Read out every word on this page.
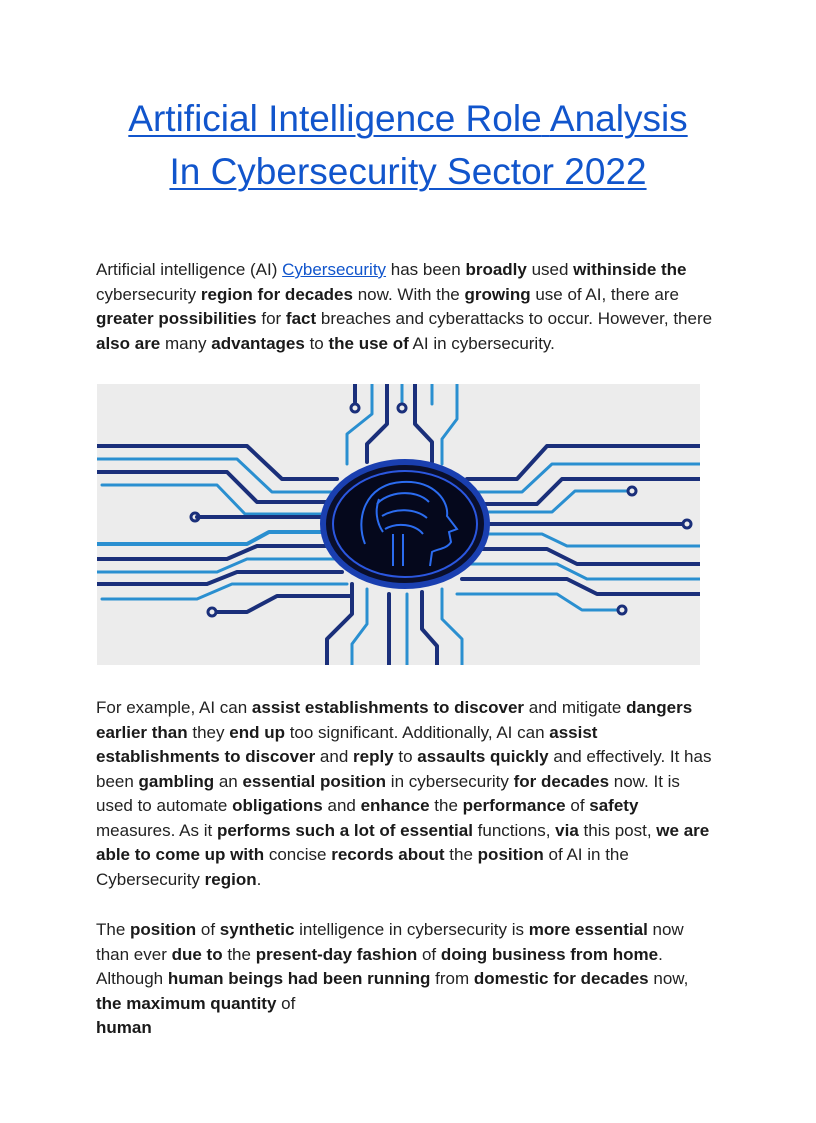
Artificial Intelligence Role Analysis
In Cybersecurity Sector 2022

Artificial intelligence (AI) Cybersecurity has been broadly used withinside the cybersecurity region for decades now. With the growing use of AI, there are greater possibilities for fact breaches and cyberattacks to occur. However, there also are many advantages to the use of AI in cybersecurity.

For example, AI can assist establishments to discover and mitigate dangers earlier than they end up too significant. Additionally, AI can assist establishments to discover and reply to assaults quickly and effectively. It has been gambling an essential position in cybersecurity for decades now. It is used to automate obligations and enhance the performance of safety measures. As it performs such a lot of essential functions, via this post, we are able to come up with concise records about the position of AI in the Cybersecurity region.

The position of synthetic intelligence in cybersecurity is more essential now than ever due to the present-day fashion of doing business from home. Although human beings had been running from domestic for decades now, the maximum quantity of
human
